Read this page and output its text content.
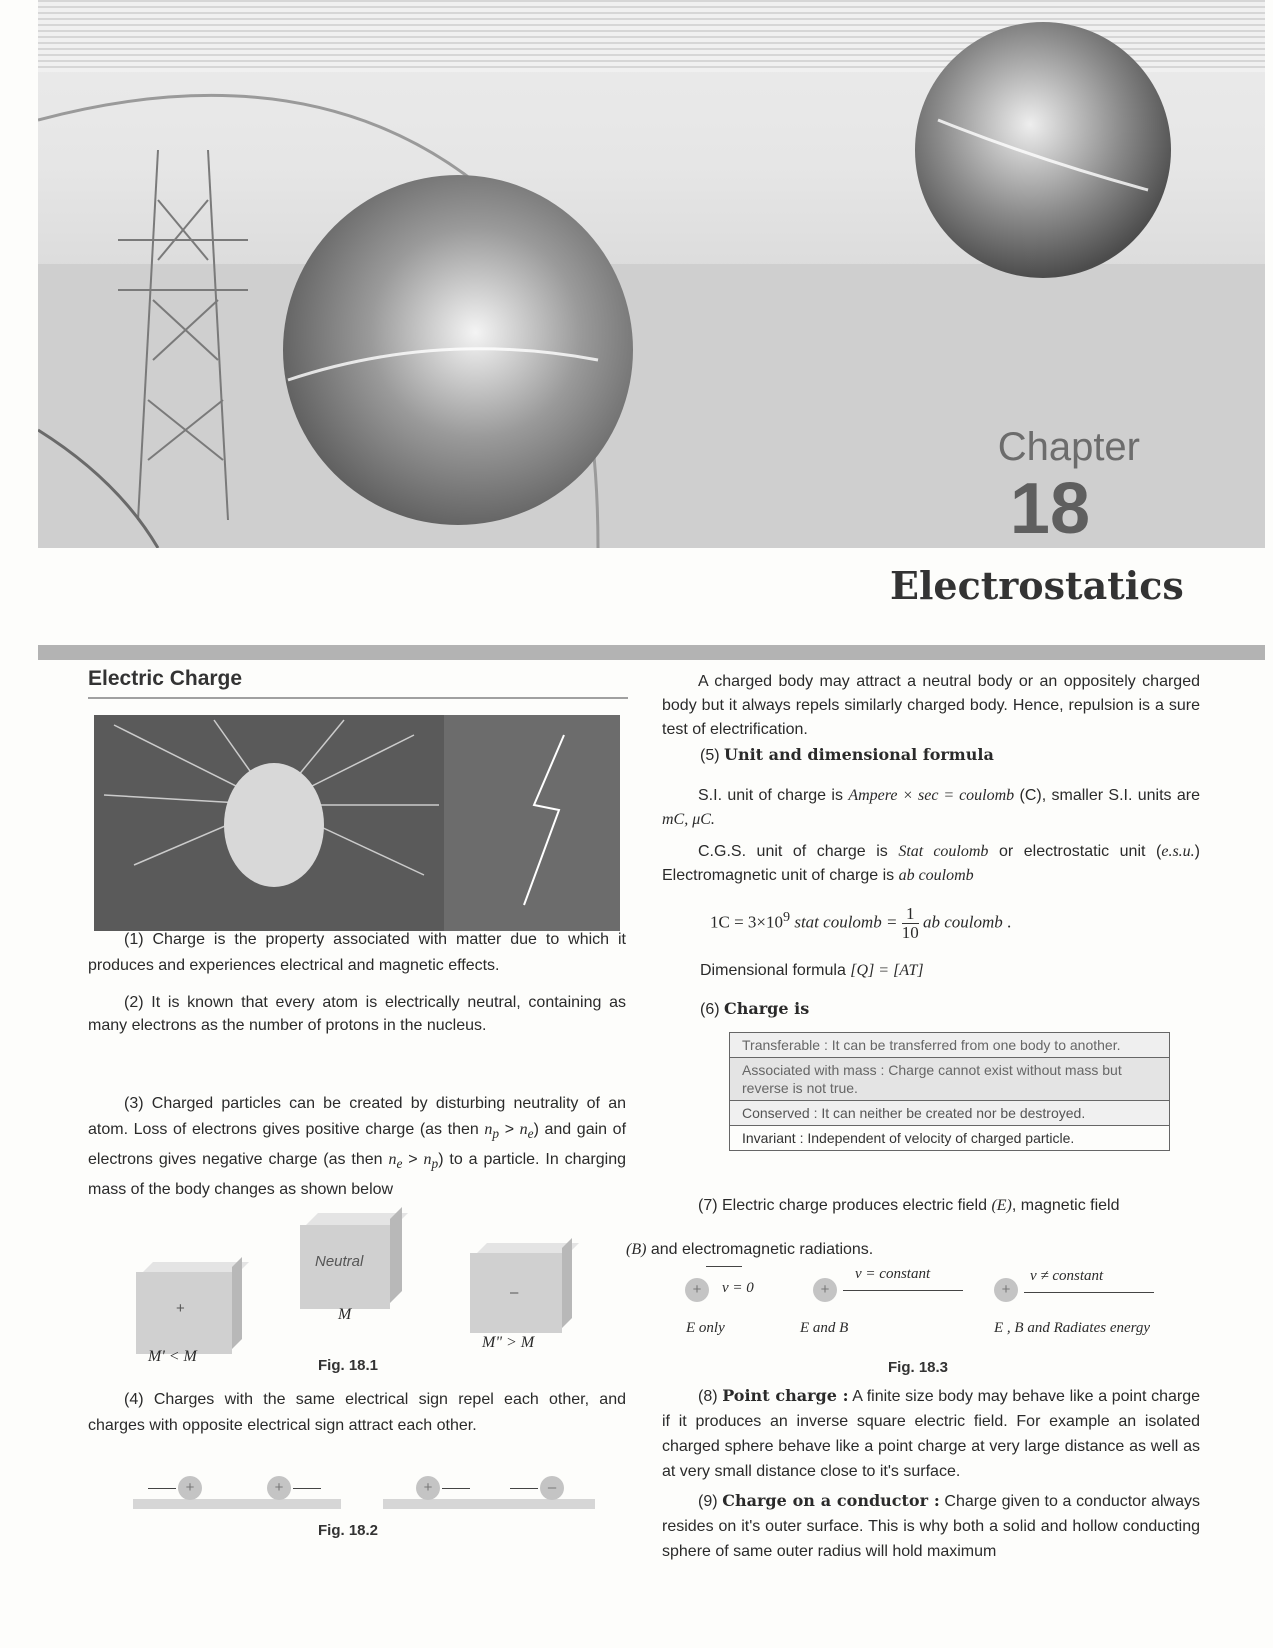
Chapter
18
Electrostatics
Electric Charge
(1) Charge is the property associated with matter due to which it produces and experiences electrical and magnetic effects.
(2) It is known that every atom is electrically neutral, containing as many electrons as the number of protons in the nucleus.
(3) Charged particles can be created by disturbing neutrality of an atom. Loss of electrons gives positive charge (as then $n_p > n_e$) and gain of electrons gives negative charge (as then $n_e > n_p$) to a particle. In charging mass of the body changes as shown below
+
Neutral
–
M' < M
M
M" > M
Fig. 18.1
(4) Charges with the same electrical sign repel each other, and charges with opposite electrical sign attract each other.
+	+	+	–
Fig. 18.2
A charged body may attract a neutral body or an oppositely charged body but it always repels similarly charged body. Hence, repulsion is a sure test of electrification.
(5) Unit and dimensional formula
S.I. unit of charge is Ampere × sec = coulomb (C), smaller S.I. units are mC, μC.
C.G.S. unit of charge is Stat coulomb or electrostatic unit (e.s.u.) Electromagnetic unit of charge is ab coulomb
$1C = 3\times 10^9$ stat coulomb = $\frac{1}{10}$ ab coulomb .
Dimensional formula [Q] = [AT]
(6) Charge is
Transferable : It can be transferred from one body to another.
Associated with mass : Charge cannot exist without mass but reverse is not true.
Conserved : It can neither be created nor be destroyed.
Invariant : Independent of velocity of charged particle.
(7) Electric charge produces electric field (E), magnetic field
(B) and electromagnetic radiations.
+	v = 0	+
v = constant
+
v ≠ constant
E only	E and B	E , B and Radiates energy
Fig. 18.3
(8) Point charge : A finite size body may behave like a point charge if it produces an inverse square electric field. For example an isolated charged sphere behave like a point charge at very large distance as well as at very small distance close to it's surface.
(9) Charge on a conductor : Charge given to a conductor always resides on it's outer surface. This is why both a solid and hollow conducting sphere of same outer radius will hold maximum
